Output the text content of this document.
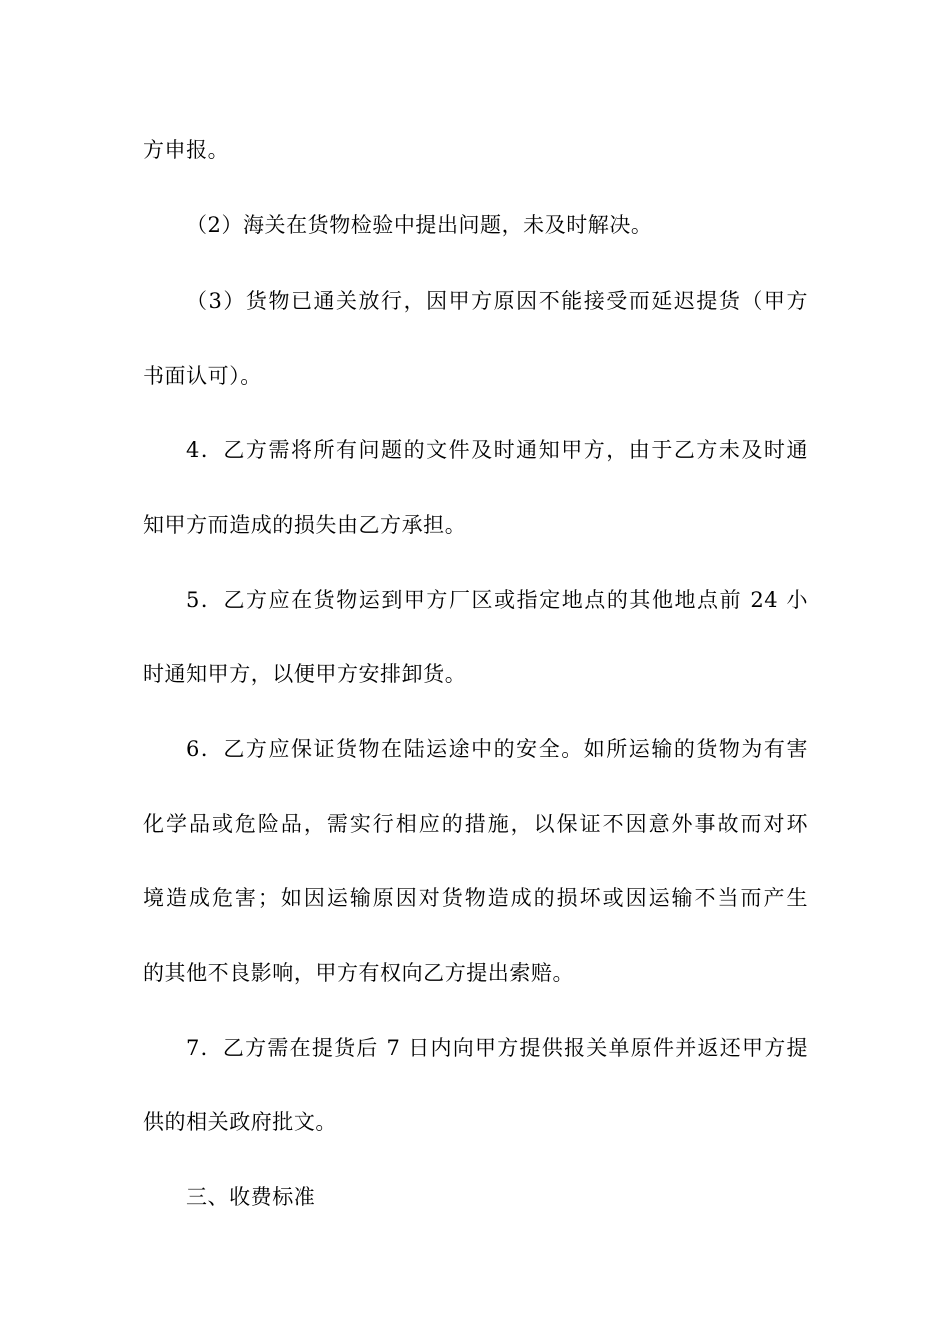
方申报。
（2）海关在货物检验中提出问题，未及时解决。
（3）货物已通关放行，因甲方原因不能接受而延迟提货（甲方
书面认可）。
4．乙方需将所有问题的文件及时通知甲方，由于乙方未及时通
知甲方而造成的损失由乙方承担。
5．乙方应在货物运到甲方厂区或指定地点的其他地点前 24 小
时通知甲方，以便甲方安排卸货。
6．乙方应保证货物在陆运途中的安全。如所运输的货物为有害
化学品或危险品，需实行相应的措施，以保证不因意外事故而对环
境造成危害；如因运输原因对货物造成的损坏或因运输不当而产生
的其他不良影响，甲方有权向乙方提出索赔。
7．乙方需在提货后 7 日内向甲方提供报关单原件并返还甲方提
供的相关政府批文。
三、收费标准
